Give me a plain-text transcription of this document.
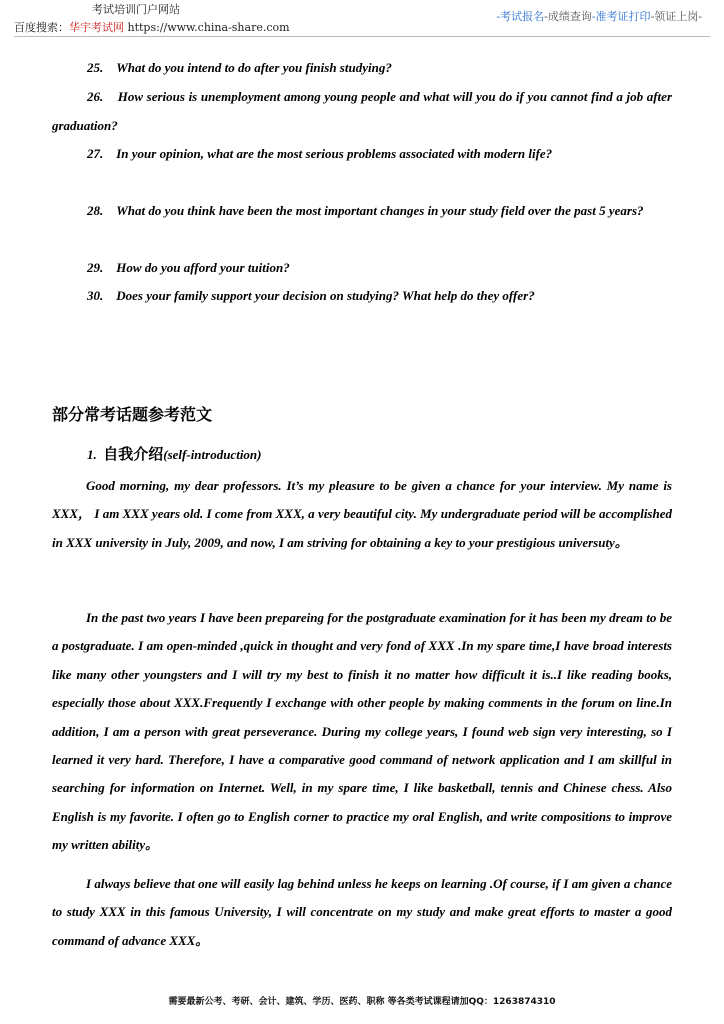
考试培训门户网站
百度搜索：华宇考试网 https://www.china-share.com
-考试报名-成绩查询-准考证打印-领证上岗-
25. What do you intend to do after you finish studying?
26. How serious is unemployment among young people and what will you do if you cannot find a job after graduation?
27. In your opinion, what are the most serious problems associated with modern life?
28. What do you think have been the most important changes in your study field over the past 5 years?
29. How do you afford your tuition?
30. Does your family support your decision on studying? What help do they offer?
部分常考话题参考范文
1. 自我介绍(self-introduction)
Good morning, my dear professors. It’s my pleasure to be given a chance for your interview. My name is XXX， I am XXX years old. I come from XXX, a very beautiful city. My undergraduate period will be accomplished in XXX university in July, 2009, and now, I am striving for obtaining a key to your prestigious universuty。
In the past two years I have been prepareing for the postgraduate examination for it has been my dream to be a postgraduate. I am open-minded ,quick in thought and very fond of XXX .In my spare time,I have broad interests like many other youngsters and I will try my best to finish it no matter how difficult it is..I like reading books, especially those about XXX.Frequently I exchange with other people by making comments in the forum on line.In addition, I am a person with great perseverance. During my college years, I found web sign very interesting, so I learned it very hard. Therefore, I have a comparative good command of network application and I am skillful in searching for information on Internet. Well, in my spare time, I like basketball, tennis and Chinese chess. Also English is my favorite. I often go to English corner to practice my oral English, and write compositions to improve my written ability。
I always believe that one will easily lag behind unless he keeps on learning .Of course, if I am given a chance to study XXX in this famous University, I will concentrate on my study and make great efforts to master a good command of advance XXX。
需要最新公考、考研、会计、建筑、学历、医药、职称 等各类考试课程请加QQ：1263874310
